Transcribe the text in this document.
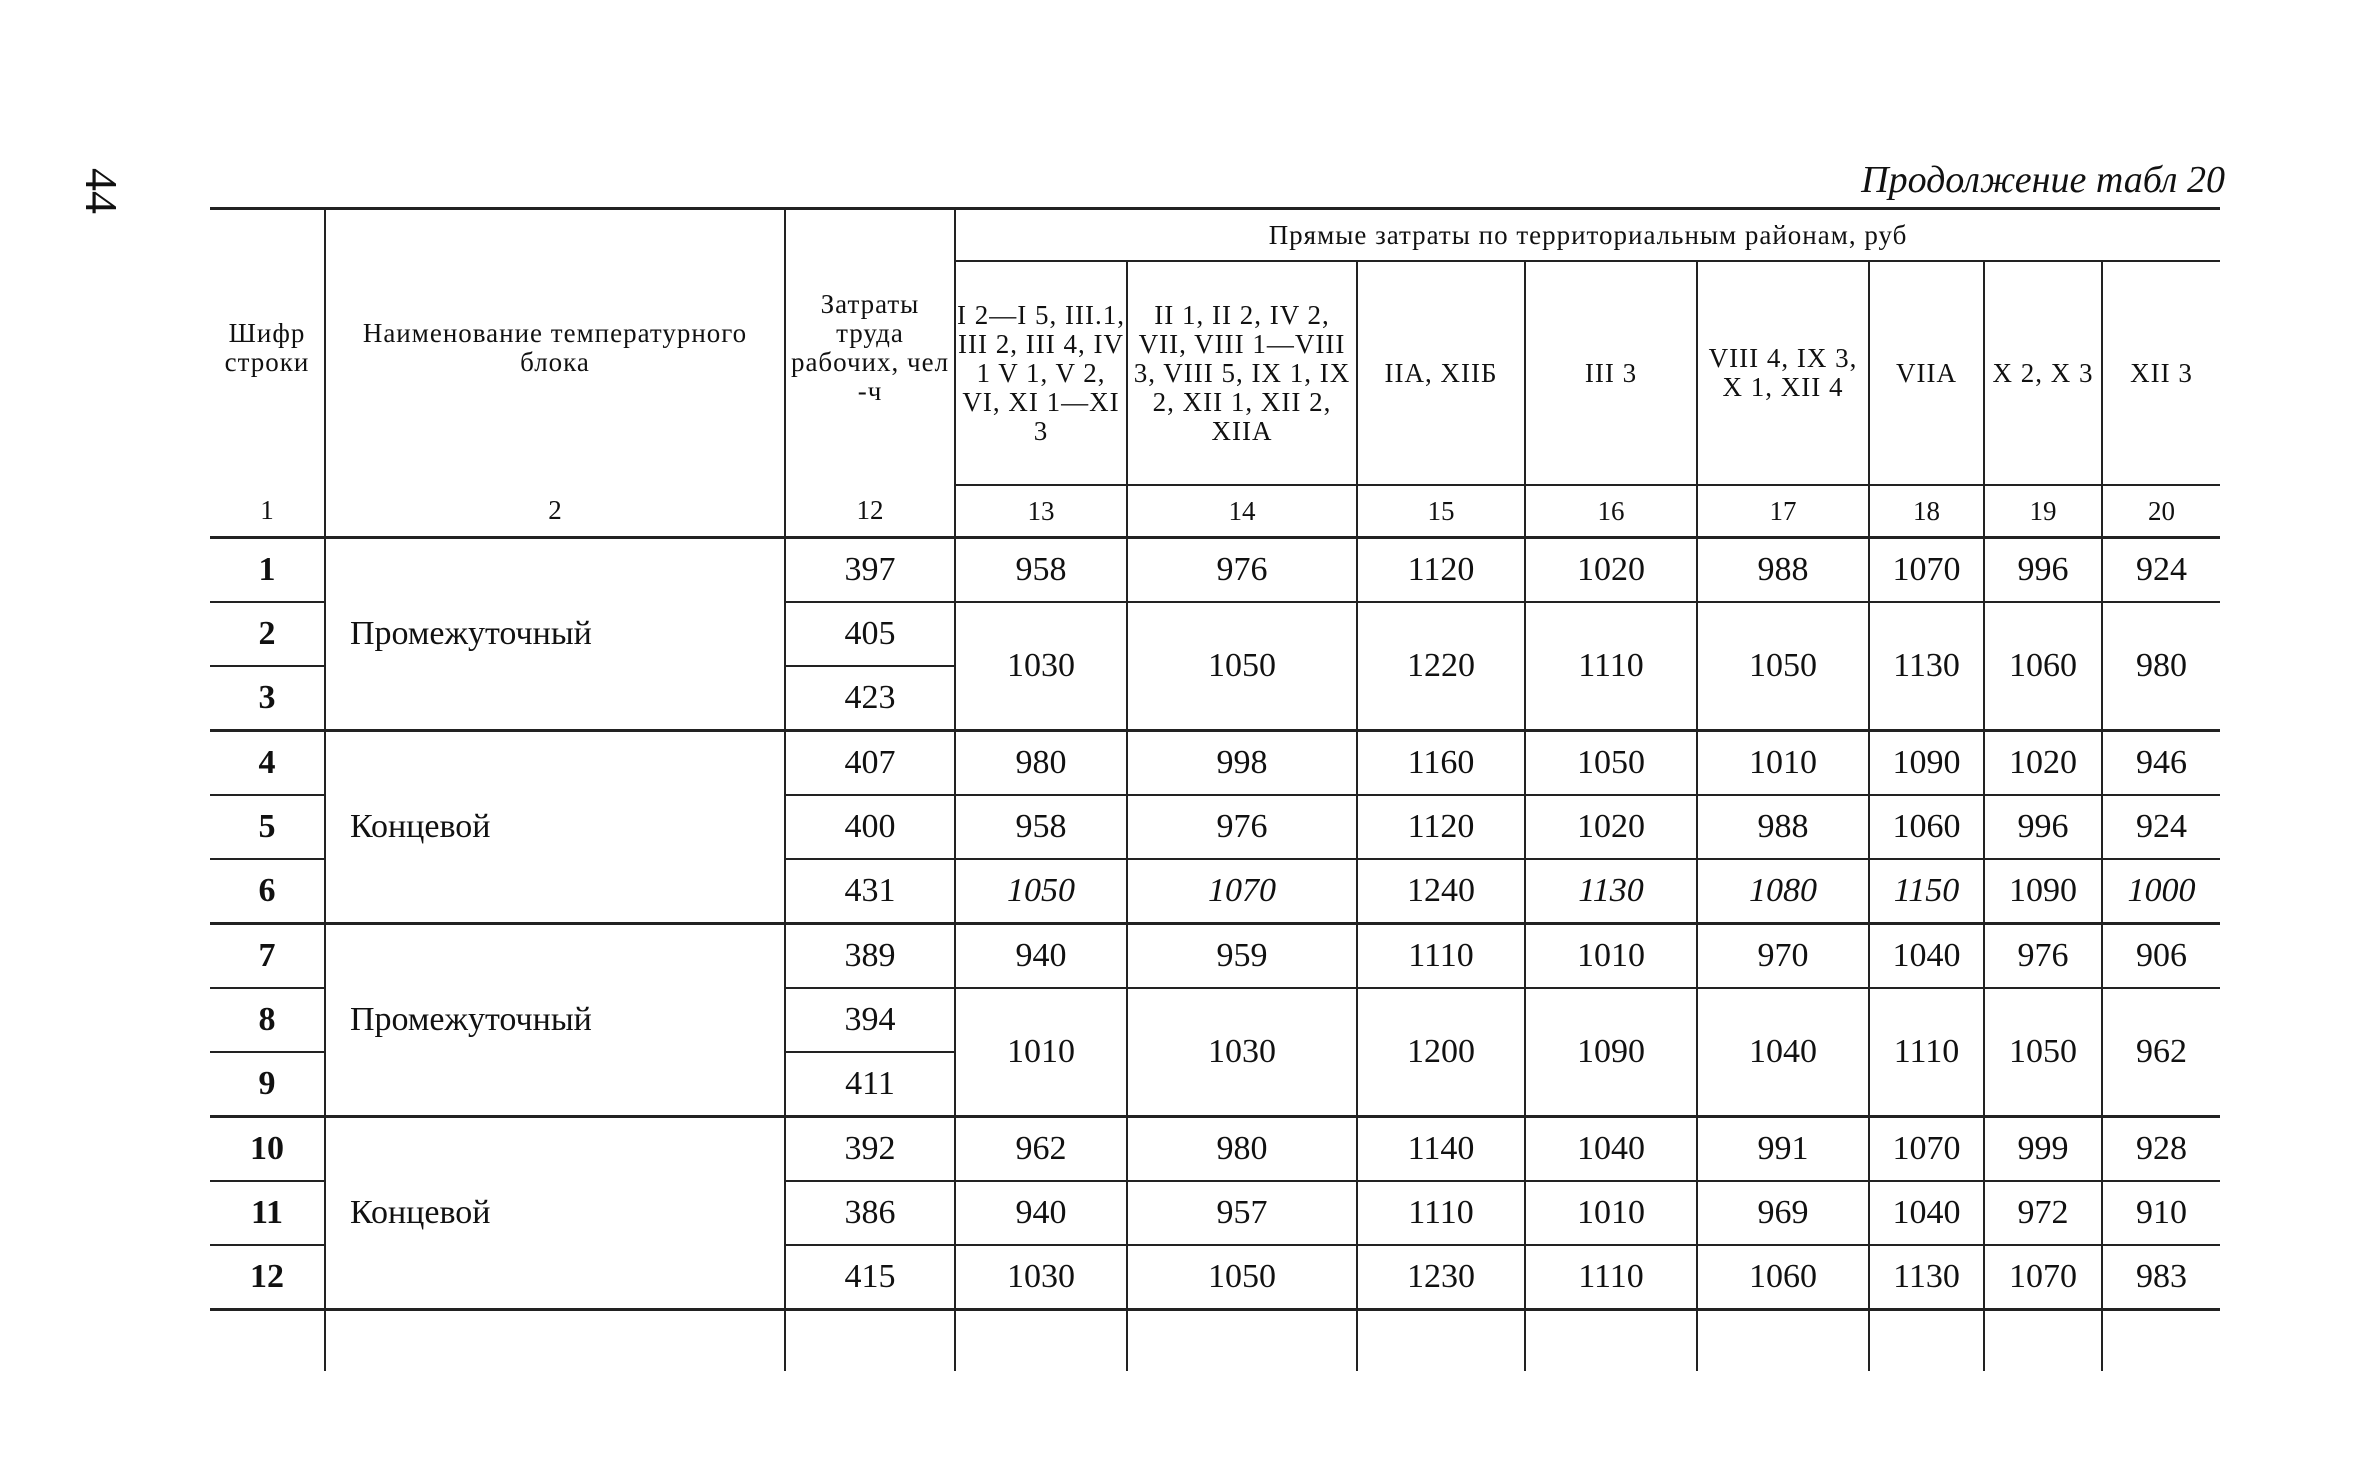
44	Продолжение табл 20
Шифр строки	Наименование температурного блока	Затраты труда рабочих, чел -ч	Прямые затраты по территориальным районам, руб							
			I 2—I 5, III.1, III 2, III 4, IV 1 V 1, V 2, VI, XI 1—XI 3	II 1, II 2, IV 2, VII, VIII 1—VIII 3, VIII 5, IX 1, IX 2, XII 1, XII 2, XIIA	IIA, XIIБ	III 3	VIII 4, IX 3, X 1, XII 4	VIIA	X 2, X 3	XII 3
1	2	12	13	14	15	16	17	18	19	20
1	Промежуточный	397	958	976	1120	1020	988	1070	996	924
2		405	1030	1050	1220	1110	1050	1130	1060	980
3		423								
4	Концевой	407	980	998	1160	1050	1010	1090	1020	946
5		400	958	976	1120	1020	988	1060	996	924
6		431	1050	1070	1240	1130	1080	1150	1090	1000
7	Промежуточный	389	940	959	1110	1010	970	1040	976	906
8		394	1010	1030	1200	1090	1040	1110	1050	962
9		411								
10	Концевой	392	962	980	1140	1040	991	1070	999	928
11		386	940	957	1110	1010	969	1040	972	910
12		415	1030	1050	1230	1110	1060	1130	1070	983
